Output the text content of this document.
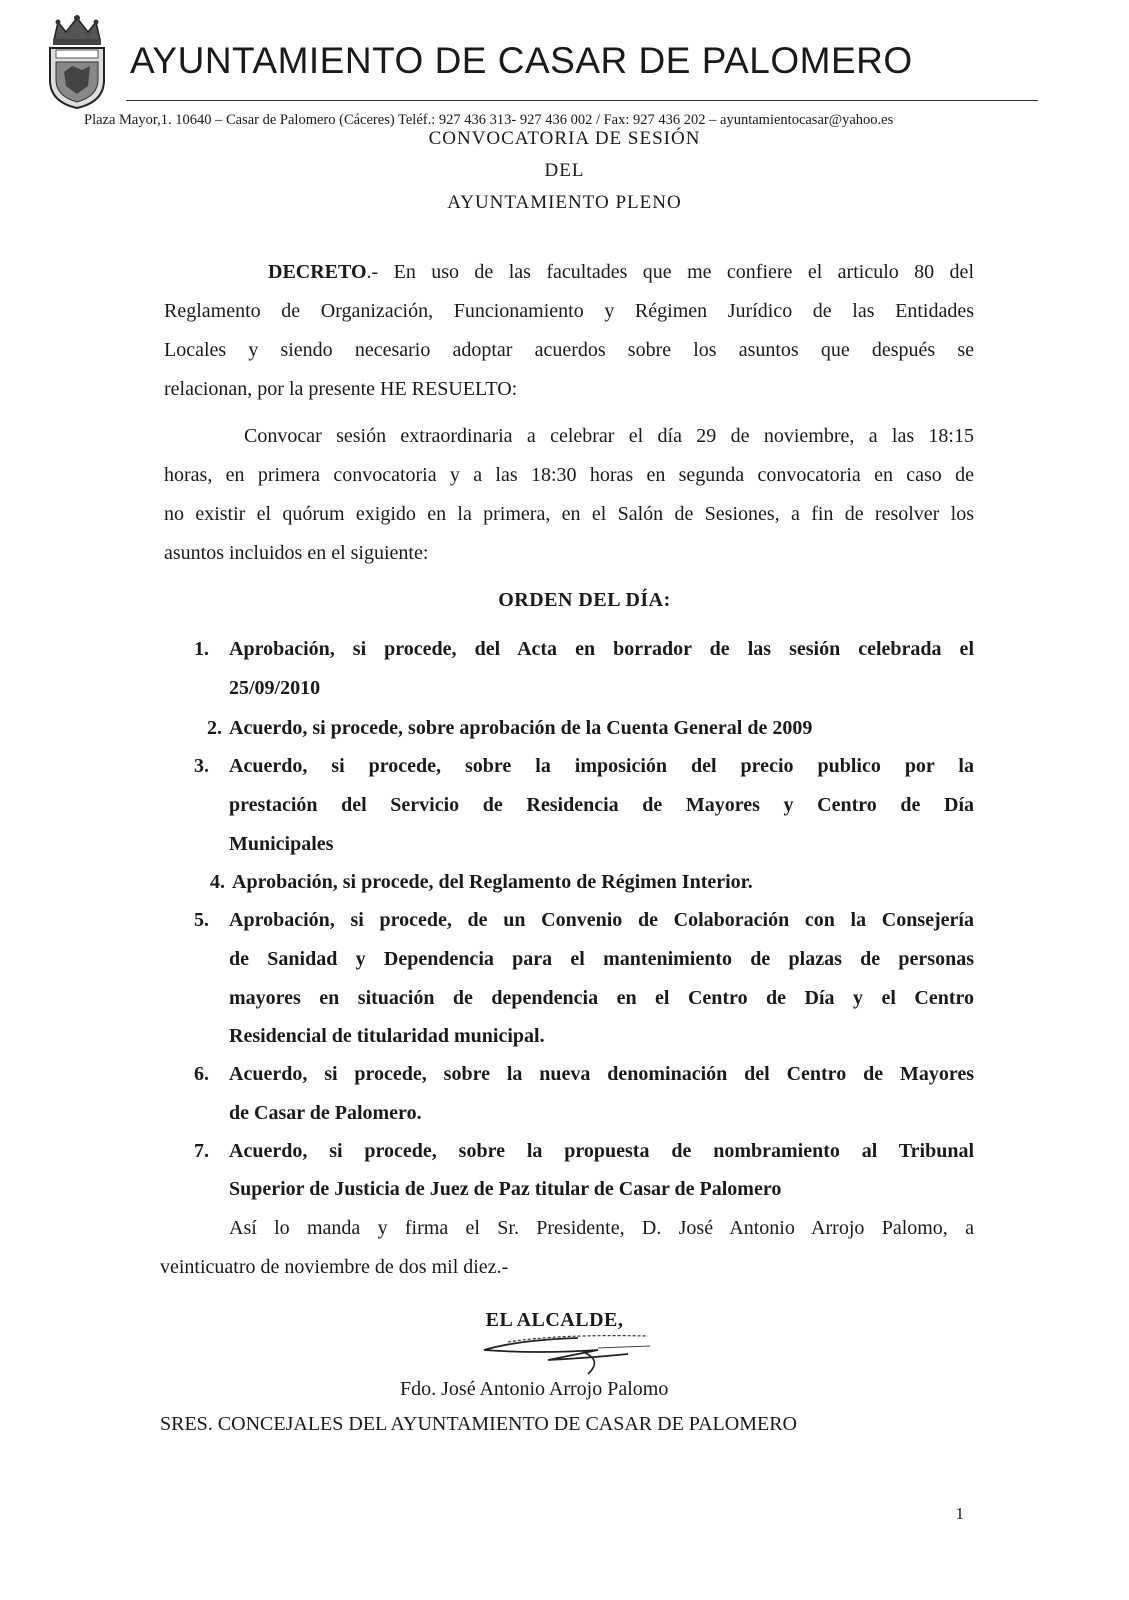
AYUNTAMIENTO DE CASAR DE PALOMERO
Plaza Mayor,1. 10640 – Casar de Palomero (Cáceres) Teléf.: 927 436 313- 927 436 002 / Fax: 927 436 202 – ayuntamientocasar@yahoo.es
CONVOCATORIA DE SESIÓN
DEL
AYUNTAMIENTO PLENO
DECRETO.- En uso de las facultades que me confiere el articulo 80 del
Reglamento de Organización, Funcionamiento y Régimen Jurídico de las Entidades
Locales y siendo necesario adoptar acuerdos sobre los asuntos que después se
relacionan, por la presente HE RESUELTO:
Convocar sesión extraordinaria a celebrar el día 29 de noviembre, a las 18:15
horas, en primera convocatoria y a las 18:30 horas en segunda convocatoria en caso de
no existir el quórum exigido en la primera, en el Salón de Sesiones, a fin de resolver los
asuntos incluidos en el siguiente:
ORDEN DEL DÍA:
1.	Aprobación, si procede, del Acta en borrador de las sesión celebrada el
25/09/2010
2. Acuerdo, si procede, sobre aprobación de la Cuenta General de 2009
3.	Acuerdo, si procede, sobre la imposición del precio publico por la
prestación del Servicio de Residencia de Mayores y Centro de Día
Municipales
4. Aprobación, si procede, del Reglamento de Régimen Interior.
5.	Aprobación, si procede, de un Convenio de Colaboración con la Consejería
de Sanidad y Dependencia para el mantenimiento de plazas de personas
mayores en situación de dependencia en el Centro de Día y el Centro
Residencial de titularidad municipal.
6.	Acuerdo, si procede, sobre la nueva denominación del Centro de Mayores
de Casar de Palomero.
7.	Acuerdo, si procede, sobre la propuesta de nombramiento al Tribunal
Superior de Justicia de Juez de Paz titular de Casar de Palomero
Así lo manda y firma el Sr. Presidente, D. José Antonio Arrojo Palomo, a
veinticuatro de noviembre de dos mil diez.-
EL ALCALDE,
Fdo. José Antonio Arrojo Palomo
SRES. CONCEJALES DEL AYUNTAMIENTO DE CASAR DE PALOMERO
1
